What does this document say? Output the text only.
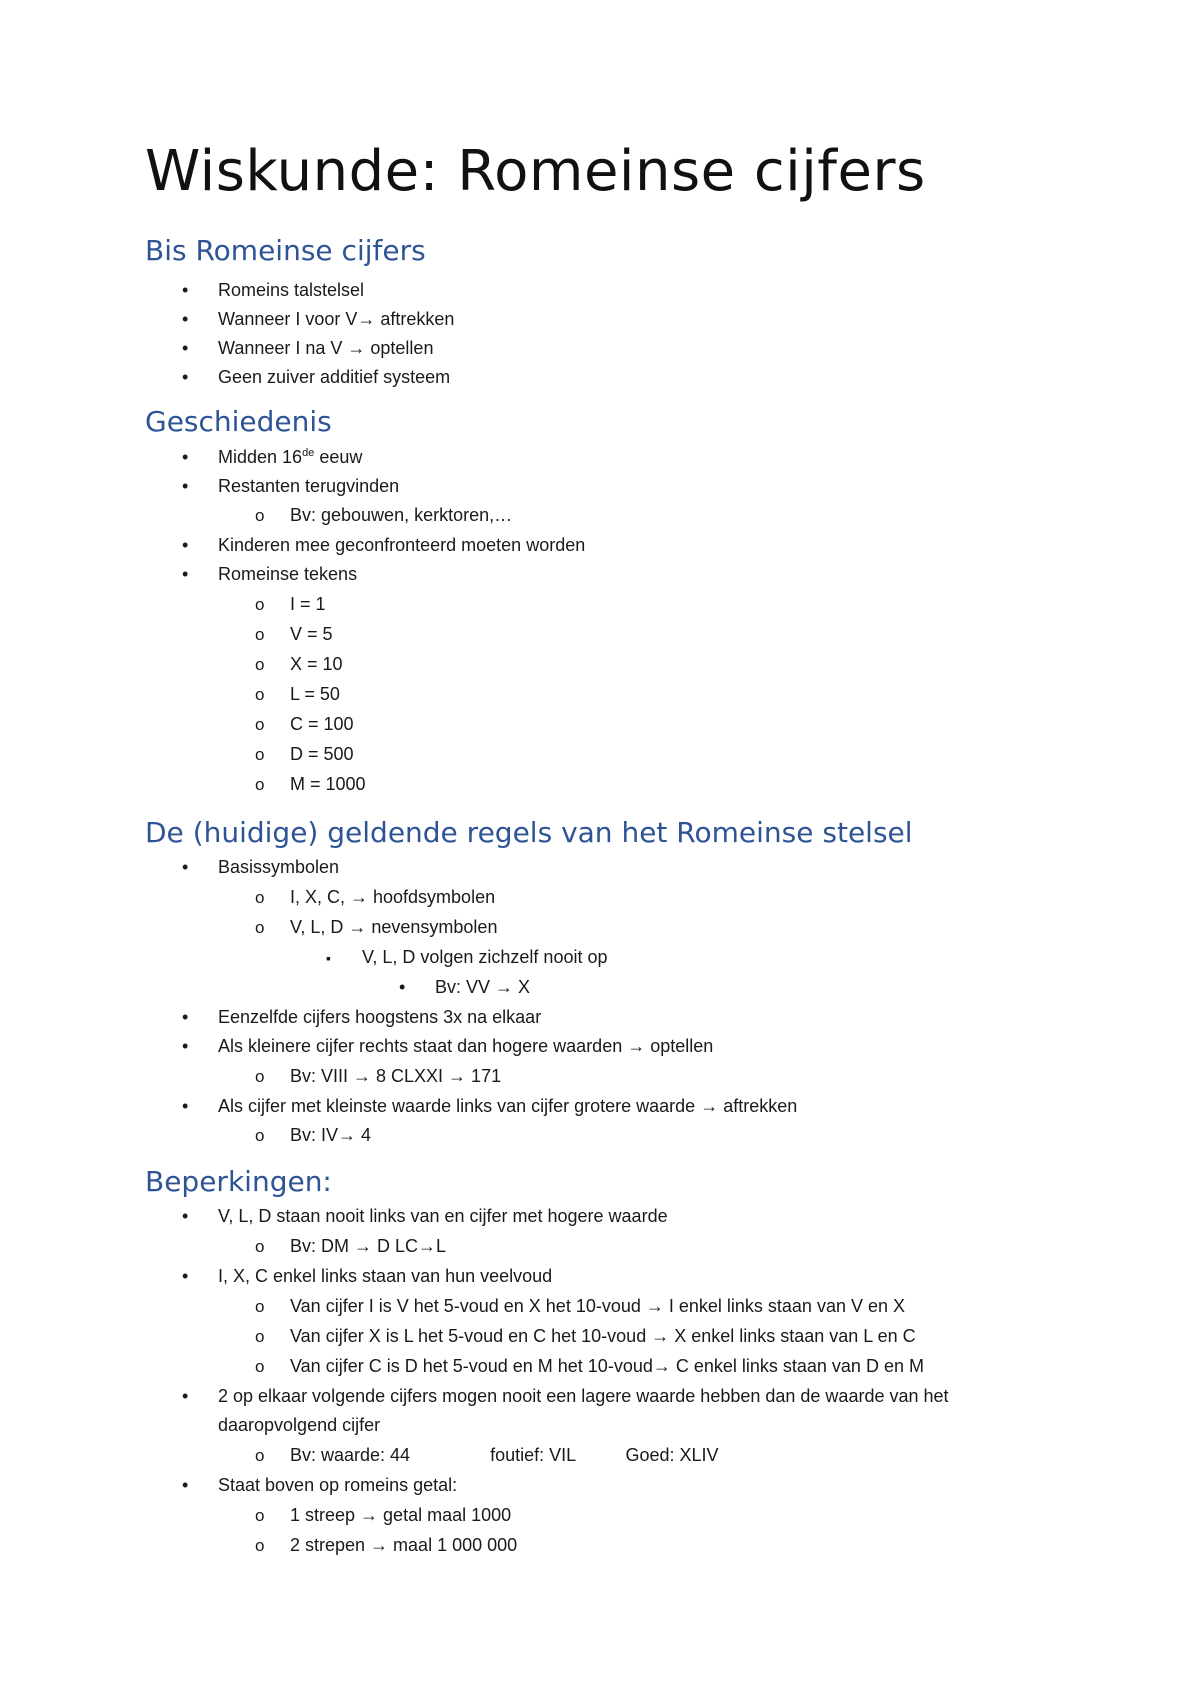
Wiskunde: Romeinse cijfers
Bis Romeinse cijfers
•

Romeins talstelsel

•

Wanneer I voor V→ aftrekken

•

Wanneer I na V → optellen

•

Geen zuiver additief systeem

Geschiedenis
•

Midden 16de eeuw

•

Restanten terugvinden

o

Bv: gebouwen, kerktoren,…

•

Kinderen mee geconfronteerd moeten worden

•

Romeinse tekens

o

I = 1

o

V = 5

o

X = 10

o

L = 50

o

C = 100

o

D = 500

o

M = 1000

De (huidige) geldende regels van het Romeinse stelsel
•

Basissymbolen

o

I, X, C, → hoofdsymbolen

o

V, L, D → nevensymbolen

▪

V, L, D volgen zichzelf nooit op

•

Bv: VV → X

•

Eenzelfde cijfers hoogstens 3x na elkaar

•

Als kleinere cijfer rechts staat dan hogere waarden → optellen

o

Bv: VIII → 8 CLXXI → 171

•

Als cijfer met kleinste waarde links van cijfer grotere waarde → aftrekken

o

Bv: IV→ 4

Beperkingen:
•

V, L, D staan nooit links van en cijfer met hogere waarde

o

Bv: DM → D LC→L

•

I, X, C enkel links staan van hun veelvoud

o

Van cijfer I is V het 5-voud en X het 10-voud → I enkel links staan van V en X

o

Van cijfer X is L het 5-voud en C het 10-voud → X enkel links staan van L en C

o

Van cijfer C is D het 5-voud en M het 10-voud→ C enkel links staan van D en M

•

2 op elkaar volgende cijfers mogen nooit een lagere waarde hebben dan de waarde van het

daaropvolgend cijfer

o

Bv: waarde: 44                foutief: VIL          Goed: XLIV

•

Staat boven op romeins getal:

o

1 streep → getal maal 1000

o

2 strepen → maal 1 000 000
